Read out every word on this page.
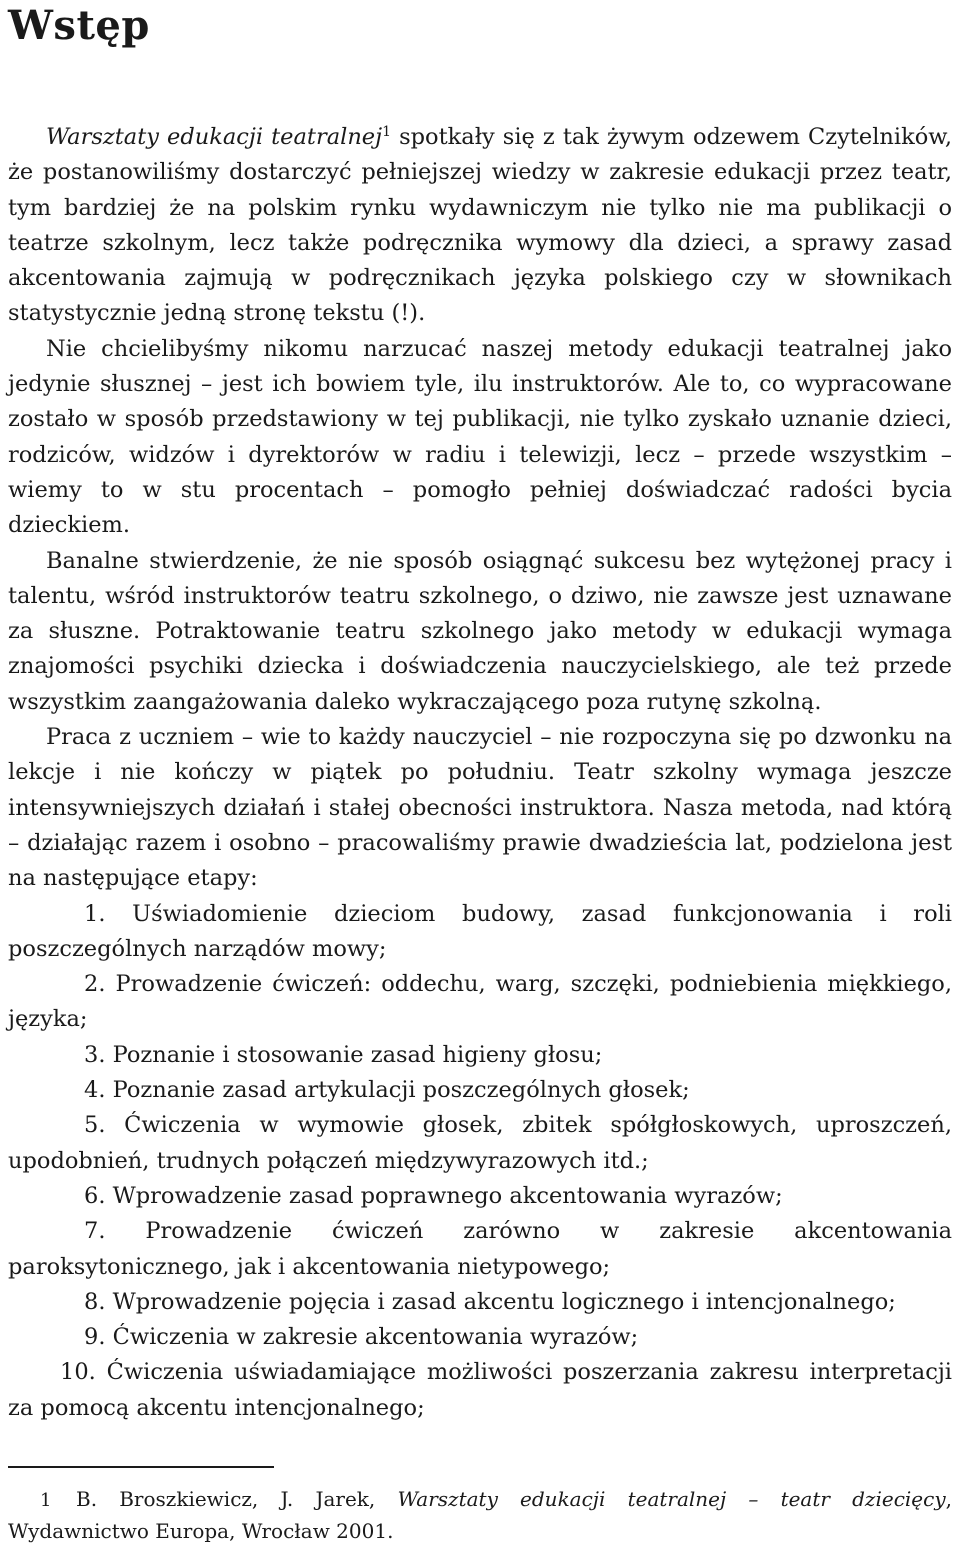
Wstęp

Warsztaty edukacji teatralnej$^1$ spotkały się z tak żywym odzewem Czytelników, że postanowiliśmy dostarczyć pełniejszej wiedzy w zakresie edukacji przez teatr, tym bardziej że na polskim rynku wydawniczym nie tylko nie ma publikacji o teatrze szkolnym, lecz także podręcznika wymowy dla dzieci, a sprawy zasad akcentowania zajmują w podręcznikach języka polskiego czy w słownikach statystycznie jedną stronę tekstu (!).

Nie chcielibyśmy nikomu narzucać naszej metody edukacji teatralnej jako jedynie słusznej – jest ich bowiem tyle, ilu instruktorów. Ale to, co wypracowane zostało w sposób przedstawiony w tej publikacji, nie tylko zyskało uznanie dzieci, rodziców, widzów i dyrektorów w radiu i telewizji, lecz – przede wszystkim – wiemy to w stu procentach – pomogło pełniej doświadczać radości bycia dzieckiem.

Banalne stwierdzenie, że nie sposób osiągnąć sukcesu bez wytężonej pracy i talentu, wśród instruktorów teatru szkolnego, o dziwo, nie zawsze jest uznawane za słuszne. Potraktowanie teatru szkolnego jako metody w edukacji wymaga znajomości psychiki dziecka i doświadczenia nauczycielskiego, ale też przede wszystkim zaangażowania daleko wykraczającego poza rutynę szkolną.

Praca z uczniem – wie to każdy nauczyciel – nie rozpoczyna się po dzwonku na lekcje i nie kończy w piątek po południu. Teatr szkolny wymaga jeszcze intensywniejszych działań i stałej obecności instruktora. Nasza metoda, nad którą – działając razem i osobno – pracowaliśmy prawie dwadzieścia lat, podzielona jest na następujące etapy:

1. Uświadomienie dzieciom budowy, zasad funkcjonowania i roli poszczególnych narządów mowy;
2. Prowadzenie ćwiczeń: oddechu, warg, szczęki, podniebienia miękkiego, języka;
3. Poznanie i stosowanie zasad higieny głosu;
4. Poznanie zasad artykulacji poszczególnych głosek;
5. Ćwiczenia w wymowie głosek, zbitek spółgłoskowych, uproszczeń, upodobnień, trudnych połączeń międzywyrazowych itd.;
6. Wprowadzenie zasad poprawnego akcentowania wyrazów;
7. Prowadzenie ćwiczeń zarówno w zakresie akcentowania paroksytonicznego, jak i akcentowania nietypowego;
8. Wprowadzenie pojęcia i zasad akcentu logicznego i intencjonalnego;
9. Ćwiczenia w zakresie akcentowania wyrazów;
10. Ćwiczenia uświadamiające możliwości poszerzania zakresu interpretacji za pomocą akcentu intencjonalnego;
1 B. Broszkiewicz, J. Jarek, Warsztaty edukacji teatralnej – teatr dziecięcy, Wydawnictwo Europa, Wrocław 2001.
